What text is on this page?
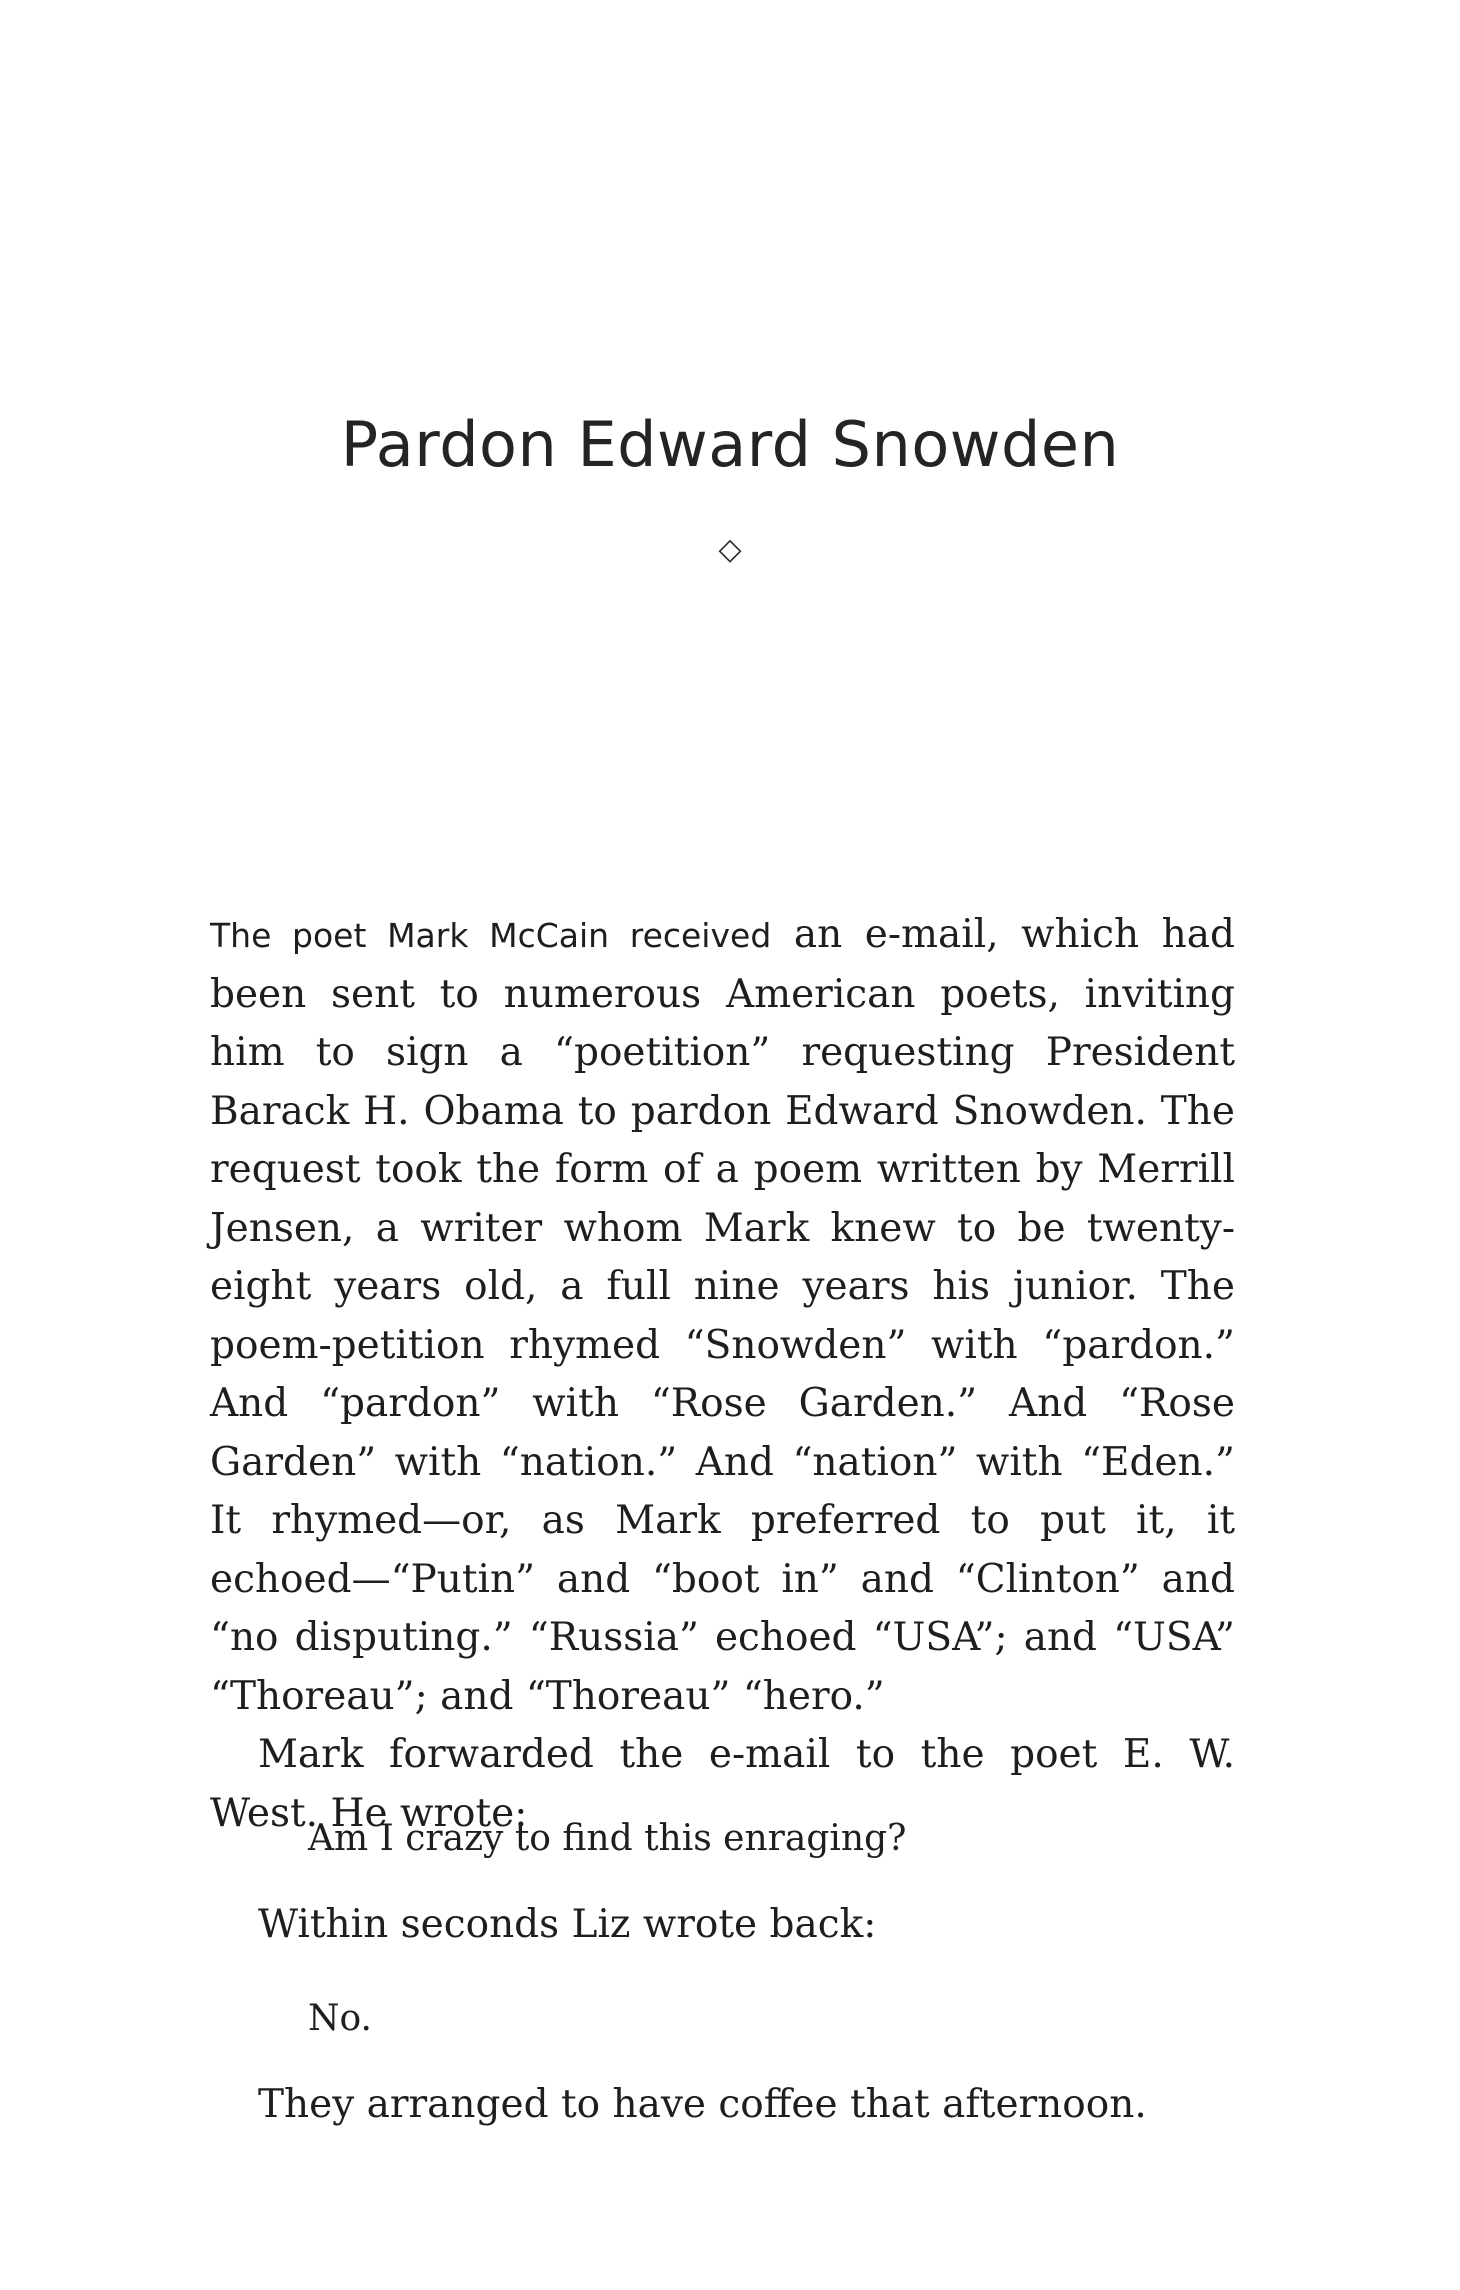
Pardon Edward Snowden
◇

The poet Mark McCain received an e-mail, which had been sent to numerous American poets, inviting him to sign a “poetition” requesting President Barack H. Obama to pardon Edward Snowden. The request took the form of a poem written by Merrill Jensen, a writer whom Mark knew to be twenty-eight years old, a full nine years his junior. The poem-petition rhymed “Snowden” with “pardon.” And “pardon” with “Rose Garden.” And “Rose Garden” with “nation.” And “nation” with “Eden.” It rhymed—or, as Mark preferred to put it, it echoed—“Putin” and “boot in” and “Clinton” and “no disputing.” “Russia” echoed “USA”; and “USA” “Thoreau”; and “Thoreau” “hero.”

Mark forwarded the e-mail to the poet E. W. West. He wrote:

Am I crazy to find this enraging?

Within seconds Liz wrote back:

No.

They arranged to have coffee that afternoon.
